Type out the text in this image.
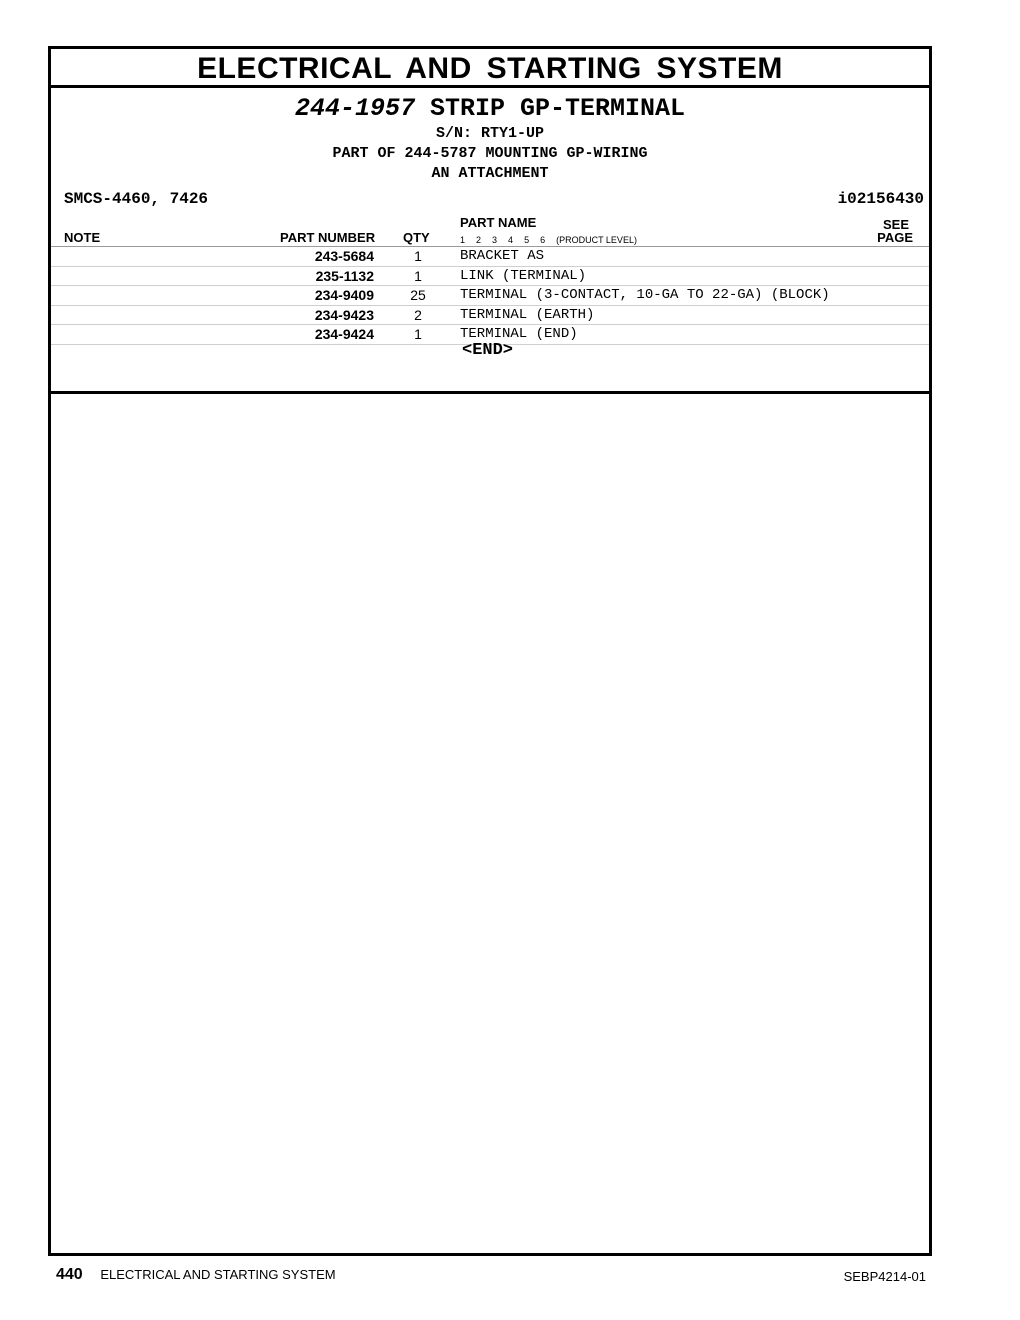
ELECTRICAL AND STARTING SYSTEM
244-1957 STRIP GP-TERMINAL
S/N: RTY1-UP
PART OF 244-5787 MOUNTING GP-WIRING
AN ATTACHMENT
SMCS-4460, 7426	i02156430
NOTE	PART NUMBER QTY
PART NAME	SEE
PAGE
1 2 3 4 5 6 (PRODUCT LEVEL)
243-5684	1	BRACKET AS
235-1132	1	LINK (TERMINAL)
234-9409	25	TERMINAL (3-CONTACT, 10-GA TO 22-GA) (BLOCK)
234-9423	2	TERMINAL (EARTH)
234-9424	1	TERMINAL (END)
<END>
440 ELECTRICAL AND STARTING SYSTEM	SEBP4214-01
